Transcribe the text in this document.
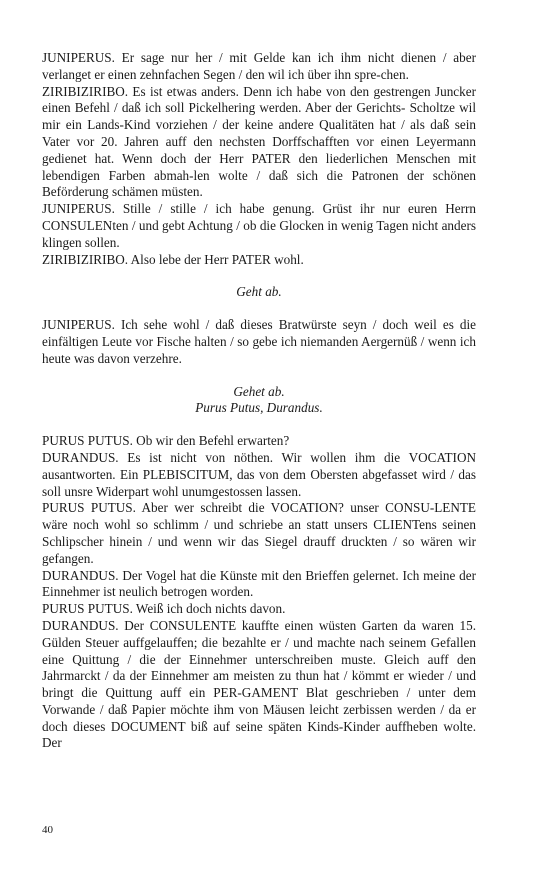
JUNIPERUS. Er sage nur her / mit Gelde kan ich ihm nicht dienen / aber verlanget er einen zehnfachen Segen / den wil ich über ihn spre-chen.

ZIRIBIZIRIBO. Es ist etwas anders. Denn ich habe von den gestrengen Juncker einen Befehl / daß ich soll Pickelhering werden. Aber der Gerichts- Scholtze wil mir ein Lands-Kind vorziehen / der keine andere Qualitäten hat / als daß sein Vater vor 20. Jahren auff den nechsten Dorffschafften vor einen Leyermann gedienet hat. Wenn doch der Herr PATER den liederlichen Menschen mit lebendigen Farben abmah-len wolte / daß sich die Patronen der schönen Beförderung schämen müsten.

JUNIPERUS. Stille / stille / ich habe genung. Grüst ihr nur euren Herrn CONSULENten / und gebt Achtung / ob die Glocken in wenig Tagen nicht anders klingen sollen.

ZIRIBIZIRIBO. Also lebe der Herr PATER wohl.

Geht ab.

JUNIPERUS. Ich sehe wohl / daß dieses Bratwürste seyn / doch weil es die einfältigen Leute vor Fische halten / so gebe ich niemanden Aergernüß / wenn ich heute was davon verzehre.

Gehet ab.

Purus Putus, Durandus.

PURUS PUTUS. Ob wir den Befehl erwarten?

DURANDUS. Es ist nicht von nöthen. Wir wollen ihm die VOCATION ausantworten. Ein PLEBISCITUM, das von dem Obersten abgefasset wird / das soll unsre Widerpart wohl unumgestossen lassen.

PURUS PUTUS. Aber wer schreibt die VOCATION? unser CONSU-LENTE wäre noch wohl so schlimm / und schriebe an statt unsers CLIENTens seinen Schlipscher hinein / und wenn wir das Siegel drauff druckten / so wären wir gefangen.

DURANDUS. Der Vogel hat die Künste mit den Brieffen gelernet. Ich meine der Einnehmer ist neulich betrogen worden.

PURUS PUTUS. Weiß ich doch nichts davon.

DURANDUS. Der CONSULENTE kauffte einen wüsten Garten da waren 15. Gülden Steuer auffgelauffen; die bezahlte er / und machte nach seinem Gefallen eine Quittung / die der Einnehmer unterschreiben muste. Gleich auff den Jahrmarckt / da der Einnehmer am meisten zu thun hat / kömmt er wieder / und bringt die Quittung auff ein PER-GAMENT Blat geschrieben / unter dem Vorwande / daß Papier möchte ihm von Mäusen leicht zerbissen werden / da er doch dieses DOCUMENT biß auf seine späten Kinds-Kinder auffheben wolte. Der

40
